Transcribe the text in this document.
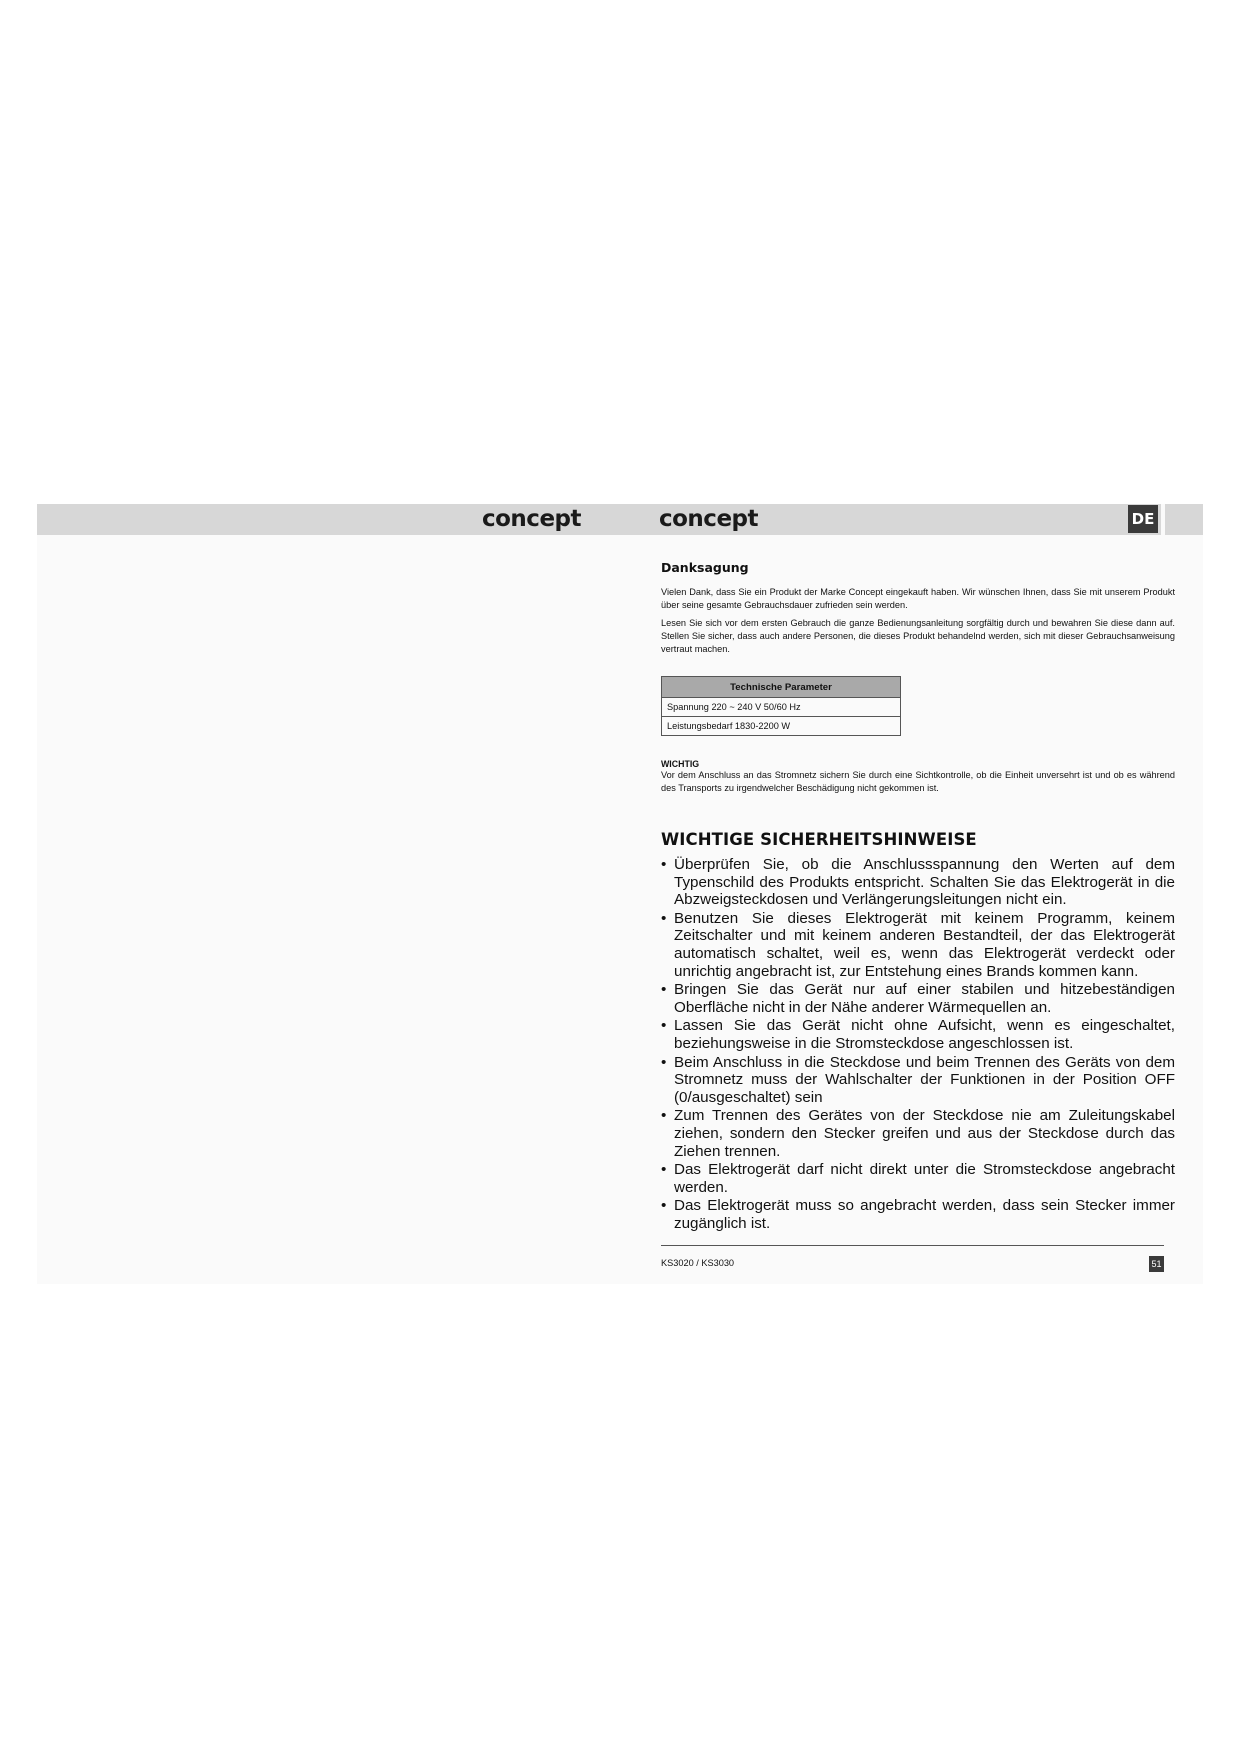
concept	concept	DE
Danksagung

Vielen Dank, dass Sie ein Produkt der Marke Concept eingekauft haben. Wir wünschen Ihnen, dass Sie mit unserem Produkt über seine gesamte Gebrauchsdauer zufrieden sein werden.

Lesen Sie sich vor dem ersten Gebrauch die ganze Bedienungsanleitung sorgfältig durch und bewahren Sie diese dann auf. Stellen Sie sicher, dass auch andere Personen, die dieses Produkt behandelnd werden, sich mit dieser Gebrauchsanweisung vertraut machen.

Technische Parameter
Spannung 220 ~ 240 V 50/60 Hz
Leistungsbedarf 1830-2200 W
WICHTIG

Vor dem Anschluss an das Stromnetz sichern Sie durch eine Sichtkontrolle, ob die Einheit unversehrt ist und ob es während des Transports zu irgendwelcher Beschädigung nicht gekommen ist.

WICHTIGE SICHERHEITSHINWEISE
• Überprüfen Sie, ob die Anschlussspannung den Werten auf dem Typenschild des Produkts entspricht. Schalten Sie das Elektrogerät in die Abzweigsteckdosen und Verlängerungsleitungen nicht ein.
• Benutzen Sie dieses Elektrogerät mit keinem Programm, keinem Zeitschalter und mit keinem anderen Bestandteil, der das Elektrogerät automatisch schaltet, weil es, wenn das Elektrogerät verdeckt oder unrichtig angebracht ist, zur Entstehung eines Brands kommen kann.
• Bringen Sie das Gerät nur auf einer stabilen und hitzebeständigen Oberfläche nicht in der Nähe anderer Wärmequellen an.
• Lassen Sie das Gerät nicht ohne Aufsicht, wenn es eingeschaltet, beziehungsweise in die Stromsteckdose angeschlossen ist.
• Beim Anschluss in die Steckdose und beim Trennen des Geräts von dem Stromnetz muss der Wahlschalter der Funktionen in der Position OFF (0/ausgeschaltet) sein
• Zum Trennen des Gerätes von der Steckdose nie am Zuleitungskabel ziehen, sondern den Stecker greifen und aus der Steckdose durch das Ziehen trennen.
• Das Elektrogerät darf nicht direkt unter die Stromsteckdose angebracht werden.
• Das Elektrogerät muss so angebracht werden, dass sein Stecker immer zugänglich ist.
KS3020 / KS3030	51
